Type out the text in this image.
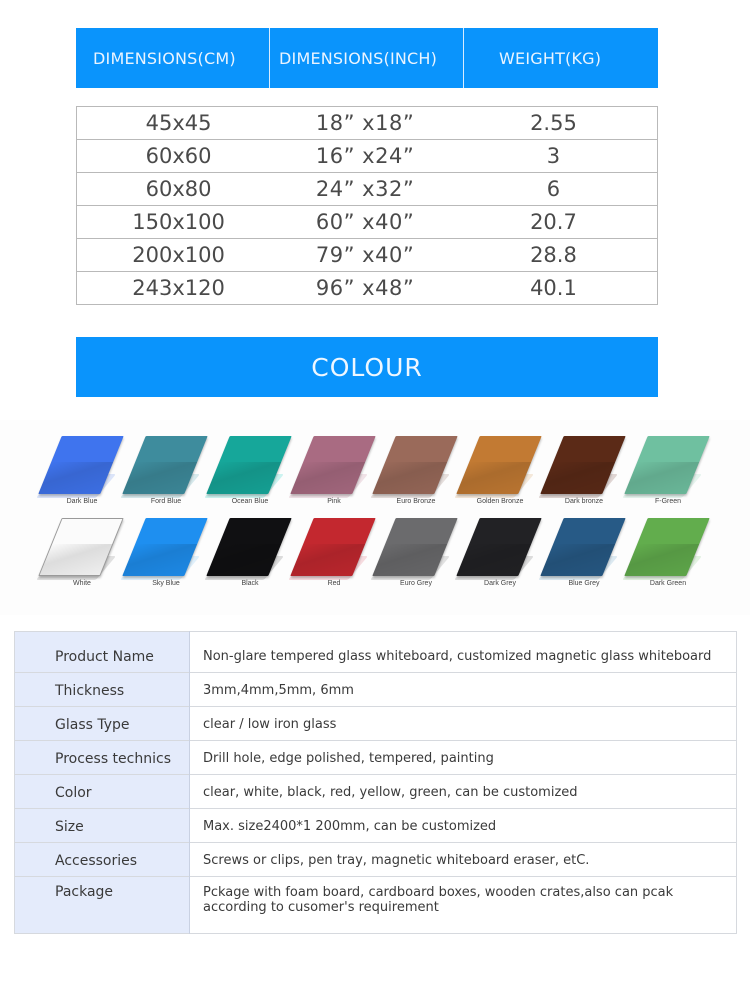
DIMENSIONS(CM)	DIMENSIONS(INCH)	WEIGHT(KG)
45x45	18” x18”	2.55
60x60	16” x24”	3
60x80	24” x32”	6
150x100	60” x40”	20.7
200x100	79” x40”	28.8
243x120	96” x48”	40.1
COLOUR
Dark Blue	Ford Blue	Ocean Blue	Pink	Euro Bronze	Golden Bronze	Dark bronze	F-Green
White	Sky Blue	Black	Red	Euro Grey	Dark Grey	Blue Grey	Dark Green
Product Name	Non-glare tempered glass whiteboard, customized magnetic glass whiteboard
Thickness	3mm,4mm,5mm, 6mm
Glass Type	clear / low iron glass
Process technics	Drill hole, edge polished, tempered, painting
Color	clear, white, black, red, yellow, green, can be customized
Size	Max. size2400*1 200mm, can be customized
Accessories	Screws or clips, pen tray, magnetic whiteboard eraser, etC.
Package	Pckage with foam board, cardboard boxes, wooden crates,also can pcak according to cusomer's requirement
